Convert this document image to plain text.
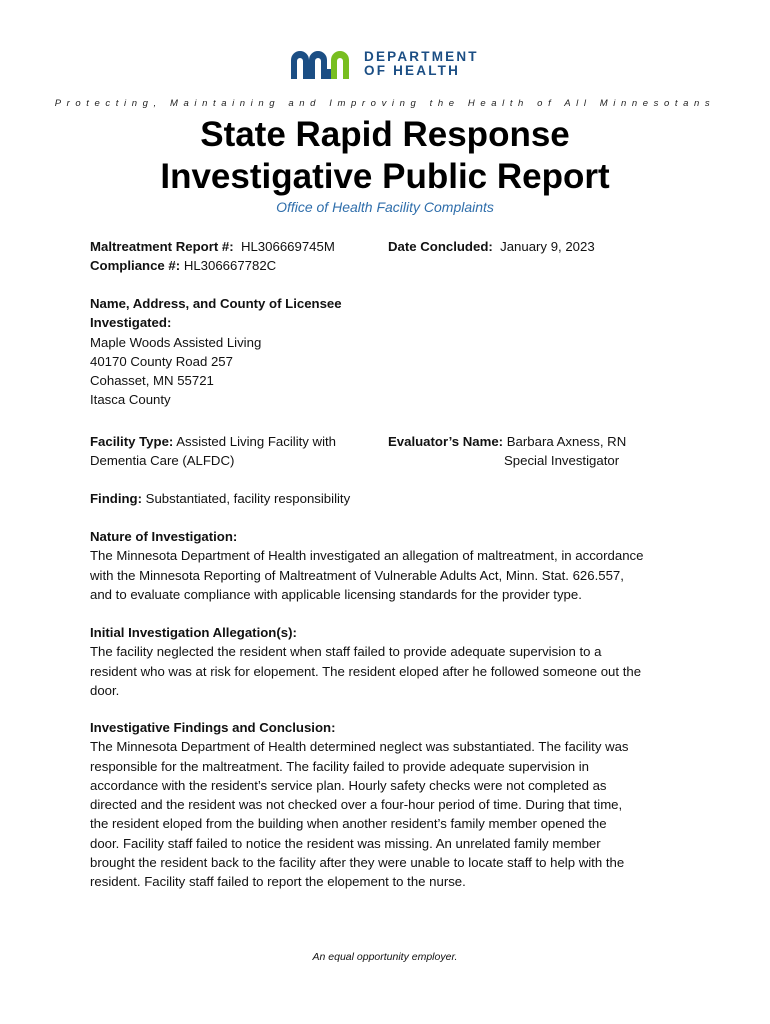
DEPARTMENT
OF HEALTH
Protecting, Maintaining and Improving the Health of All Minnesotans
State Rapid Response
Investigative Public Report
Office of Health Facility Complaints
Maltreatment Report #: HL306669745M
Compliance #: HL306667782C
Date Concluded: January 9, 2023
Name, Address, and County of Licensee
Investigated:
Maple Woods Assisted Living
40170 County Road 257
Cohasset, MN 55721
Itasca County
Facility Type: Assisted Living Facility with
Dementia Care (ALFDC)
Evaluator’s Name: Barbara Axness, RN
Special Investigator
Finding: Substantiated, facility responsibility
Nature of Investigation:
The Minnesota Department of Health investigated an allegation of maltreatment, in accordance
with the Minnesota Reporting of Maltreatment of Vulnerable Adults Act, Minn. Stat. 626.557,
and to evaluate compliance with applicable licensing standards for the provider type.
Initial Investigation Allegation(s):
The facility neglected the resident when staff failed to provide adequate supervision to a
resident who was at risk for elopement. The resident eloped after he followed someone out the
door.
Investigative Findings and Conclusion:
The Minnesota Department of Health determined neglect was substantiated. The facility was
responsible for the maltreatment. The facility failed to provide adequate supervision in
accordance with the resident’s service plan. Hourly safety checks were not completed as
directed and the resident was not checked over a four-hour period of time. During that time,
the resident eloped from the building when another resident’s family member opened the
door. Facility staff failed to notice the resident was missing. An unrelated family member
brought the resident back to the facility after they were unable to locate staff to help with the
resident. Facility staff failed to report the elopement to the nurse.
An equal opportunity employer.
